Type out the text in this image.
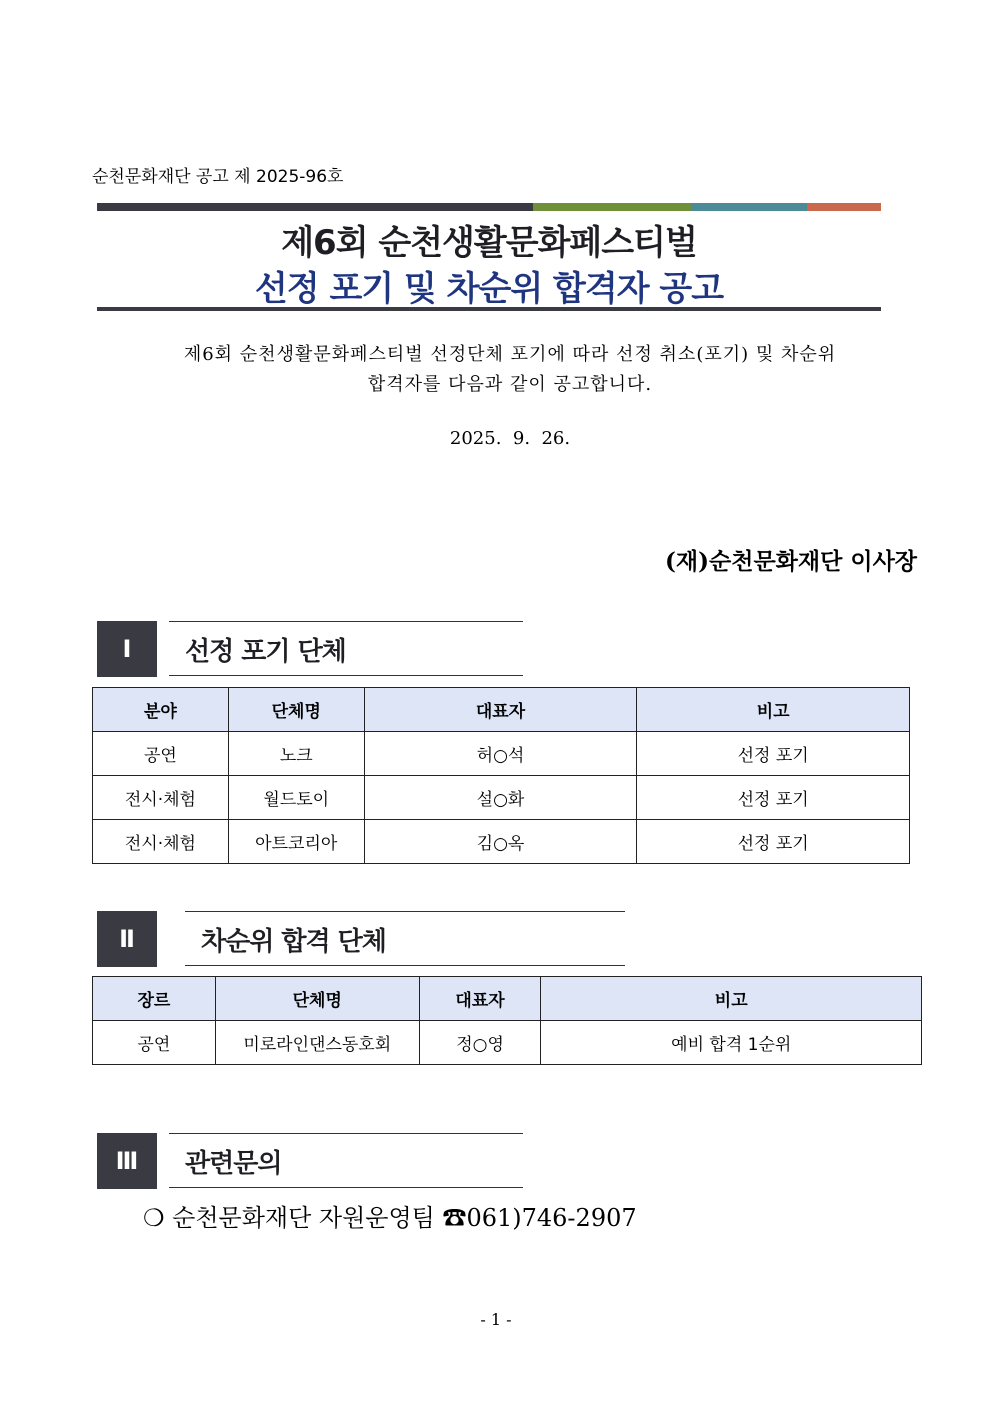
순천문화재단 공고 제 2025-96호
제6회 순천생활문화페스티벌
선정 포기 및 차순위 합격자 공고
제6회 순천생활문화페스티벌 선정단체 포기에 따라 선정 취소(포기) 및 차순위
합격자를 다음과 같이 공고합니다.
2025.  9.  26.
(재)순천문화재단 이사장
Ⅰ	선정 포기 단체
분야	단체명	대표자	비고
공연	노크	허○석	선정 포기
전시·체험	월드토이	설○화	선정 포기
전시·체험	아트코리아	김○옥	선정 포기
Ⅱ	차순위 합격 단체
장르	단체명	대표자	비고
공연	미로라인댄스동호회	정○영	예비 합격 1순위
Ⅲ	관련문의
❍ 순천문화재단 자원운영팀 ☎061)746-2907
- 1 -
